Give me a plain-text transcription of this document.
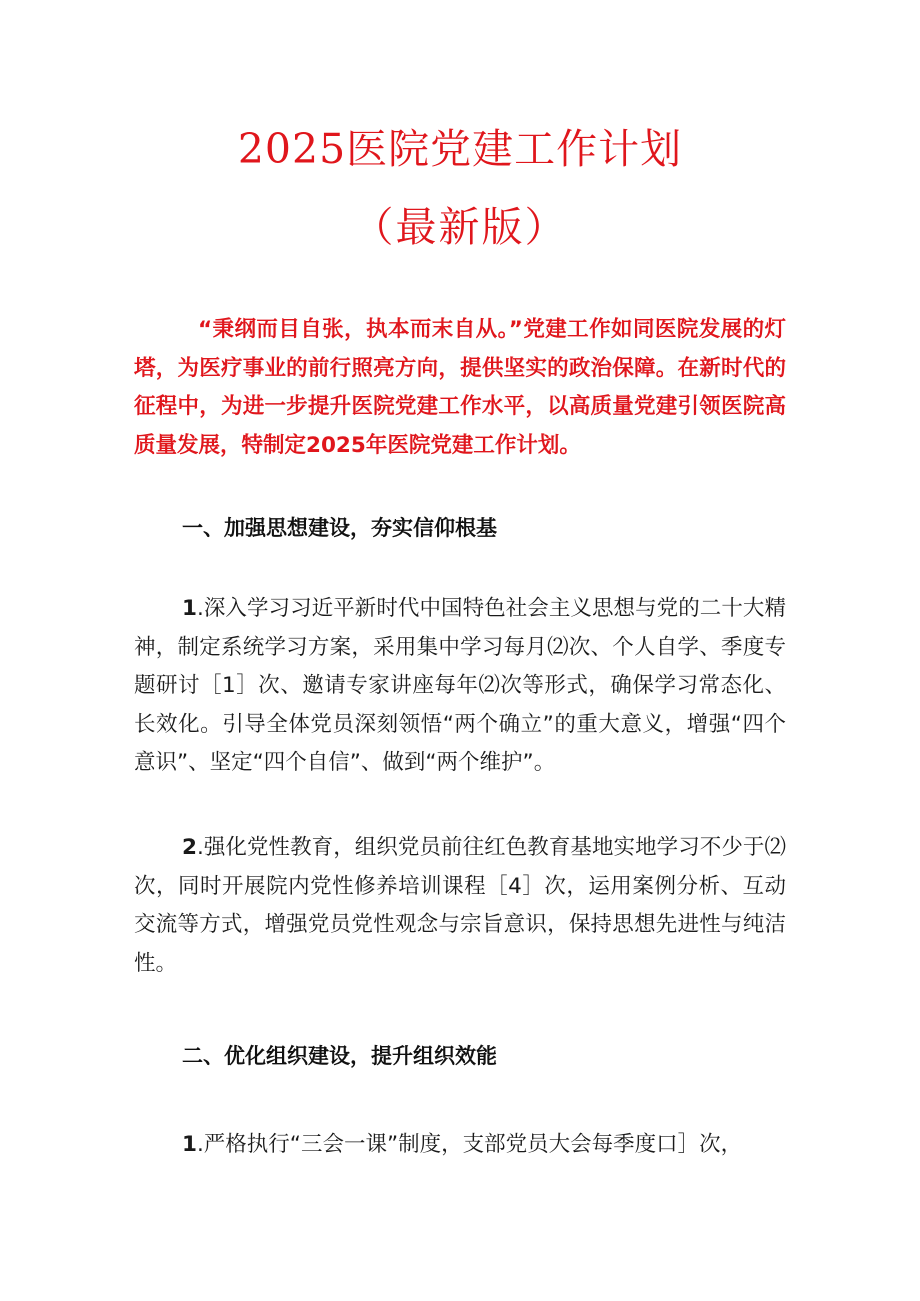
2025医院党建工作计划
（最新版）

“秉纲而目自张，执本而末自从。”党建工作如同医院发展的灯塔，为医疗事业的前行照亮方向，提供坚实的政治保障。在新时代的征程中，为进一步提升医院党建工作水平，以高质量党建引领医院高质量发展，特制定2025年医院党建工作计划。

一、加强思想建设，夯实信仰根基

1.深入学习习近平新时代中国特色社会主义思想与党的二十大精神，制定系统学习方案，采用集中学习每月⑵次、个人自学、季度专题研讨［1］次、邀请专家讲座每年⑵次等形式，确保学习常态化、长效化。引导全体党员深刻领悟“两个确立”的重大意义，增强“四个意识”、坚定“四个自信”、做到“两个维护”。

2.强化党性教育，组织党员前往红色教育基地实地学习不少于⑵次，同时开展院内党性修养培训课程［4］次，运用案例分析、互动交流等方式，增强党员党性观念与宗旨意识，保持思想先进性与纯洁性。

二、优化组织建设，提升组织效能

1.严格执行“三会一课”制度，支部党员大会每季度口］次，
